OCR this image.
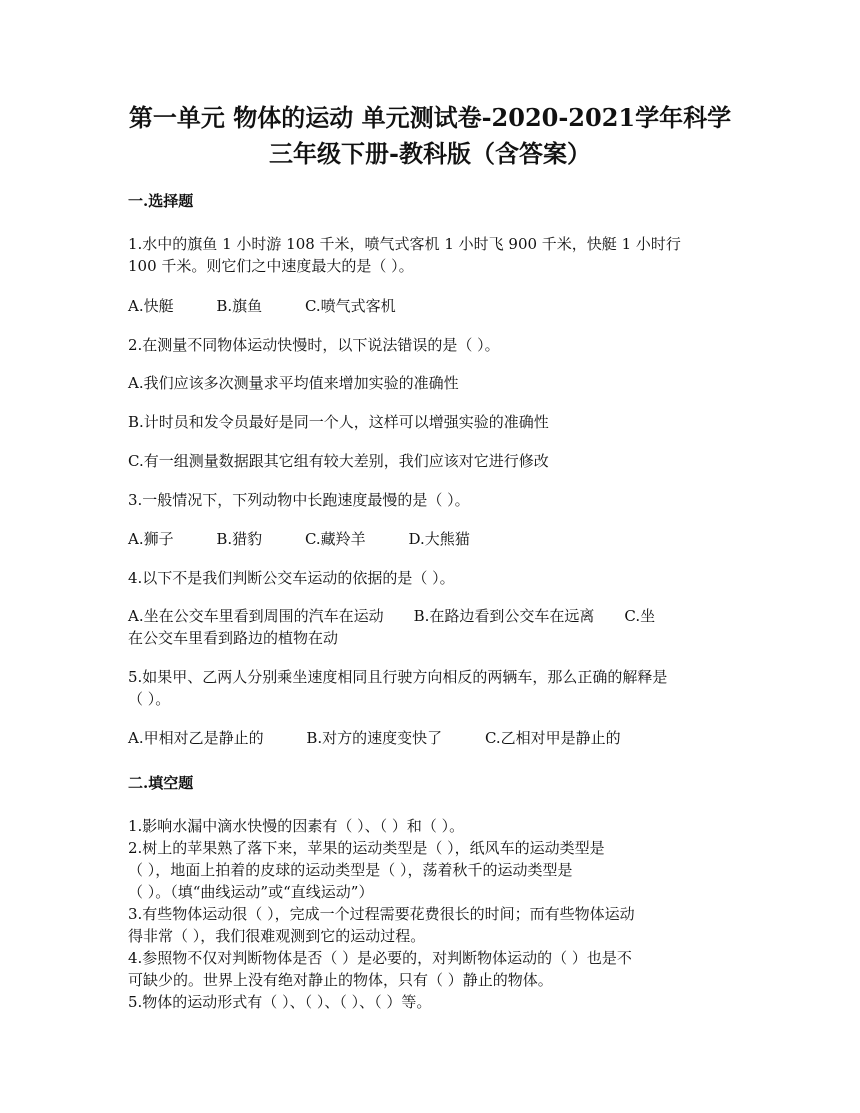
第一单元 物体的运动 单元测试卷-2020-2021学年科学
三年级下册-教科版（含答案）
一.选择题
1.水中的旗鱼 1 小时游 108 千米，喷气式客机 1 小时飞 900 千米，快艇 1 小时行
100 千米。则它们之中速度最大的是（ ）。
A.快艇	B.旗鱼	C.喷气式客机
2.在测量不同物体运动快慢时，以下说法错误的是（ ）。
A.我们应该多次测量求平均值来增加实验的准确性
B.计时员和发令员最好是同一个人，这样可以增强实验的准确性
C.有一组测量数据跟其它组有较大差别，我们应该对它进行修改
3.一般情况下，下列动物中长跑速度最慢的是（ ）。
A.狮子	B.猎豹	C.藏羚羊	D.大熊猫
4.以下不是我们判断公交车运动的依据的是（ ）。
A.坐在公交车里看到周围的汽车在运动　　B.在路边看到公交车在远离　　C.坐
在公交车里看到路边的植物在动
5.如果甲、乙两人分别乘坐速度相同且行驶方向相反的两辆车，那么正确的解释是
（ ）。
A.甲相对乙是静止的	B.对方的速度变快了	C.乙相对甲是静止的
二.填空题
1.影响水漏中滴水快慢的因素有（ ）、（ ）和（ ）。
2.树上的苹果熟了落下来，苹果的运动类型是（ ），纸风车的运动类型是
（ ），地面上拍着的皮球的运动类型是（ ），荡着秋千的运动类型是
（ ）。（填“曲线运动”或“直线运动”）
3.有些物体运动很（ ），完成一个过程需要花费很长的时间；而有些物体运动
得非常（ ），我们很难观测到它的运动过程。
4.参照物不仅对判断物体是否（ ）是必要的，对判断物体运动的（ ）也是不
可缺少的。世界上没有绝对静止的物体，只有（ ）静止的物体。
5.物体的运动形式有（ ）、（ ）、（ ）、（ ）等。
